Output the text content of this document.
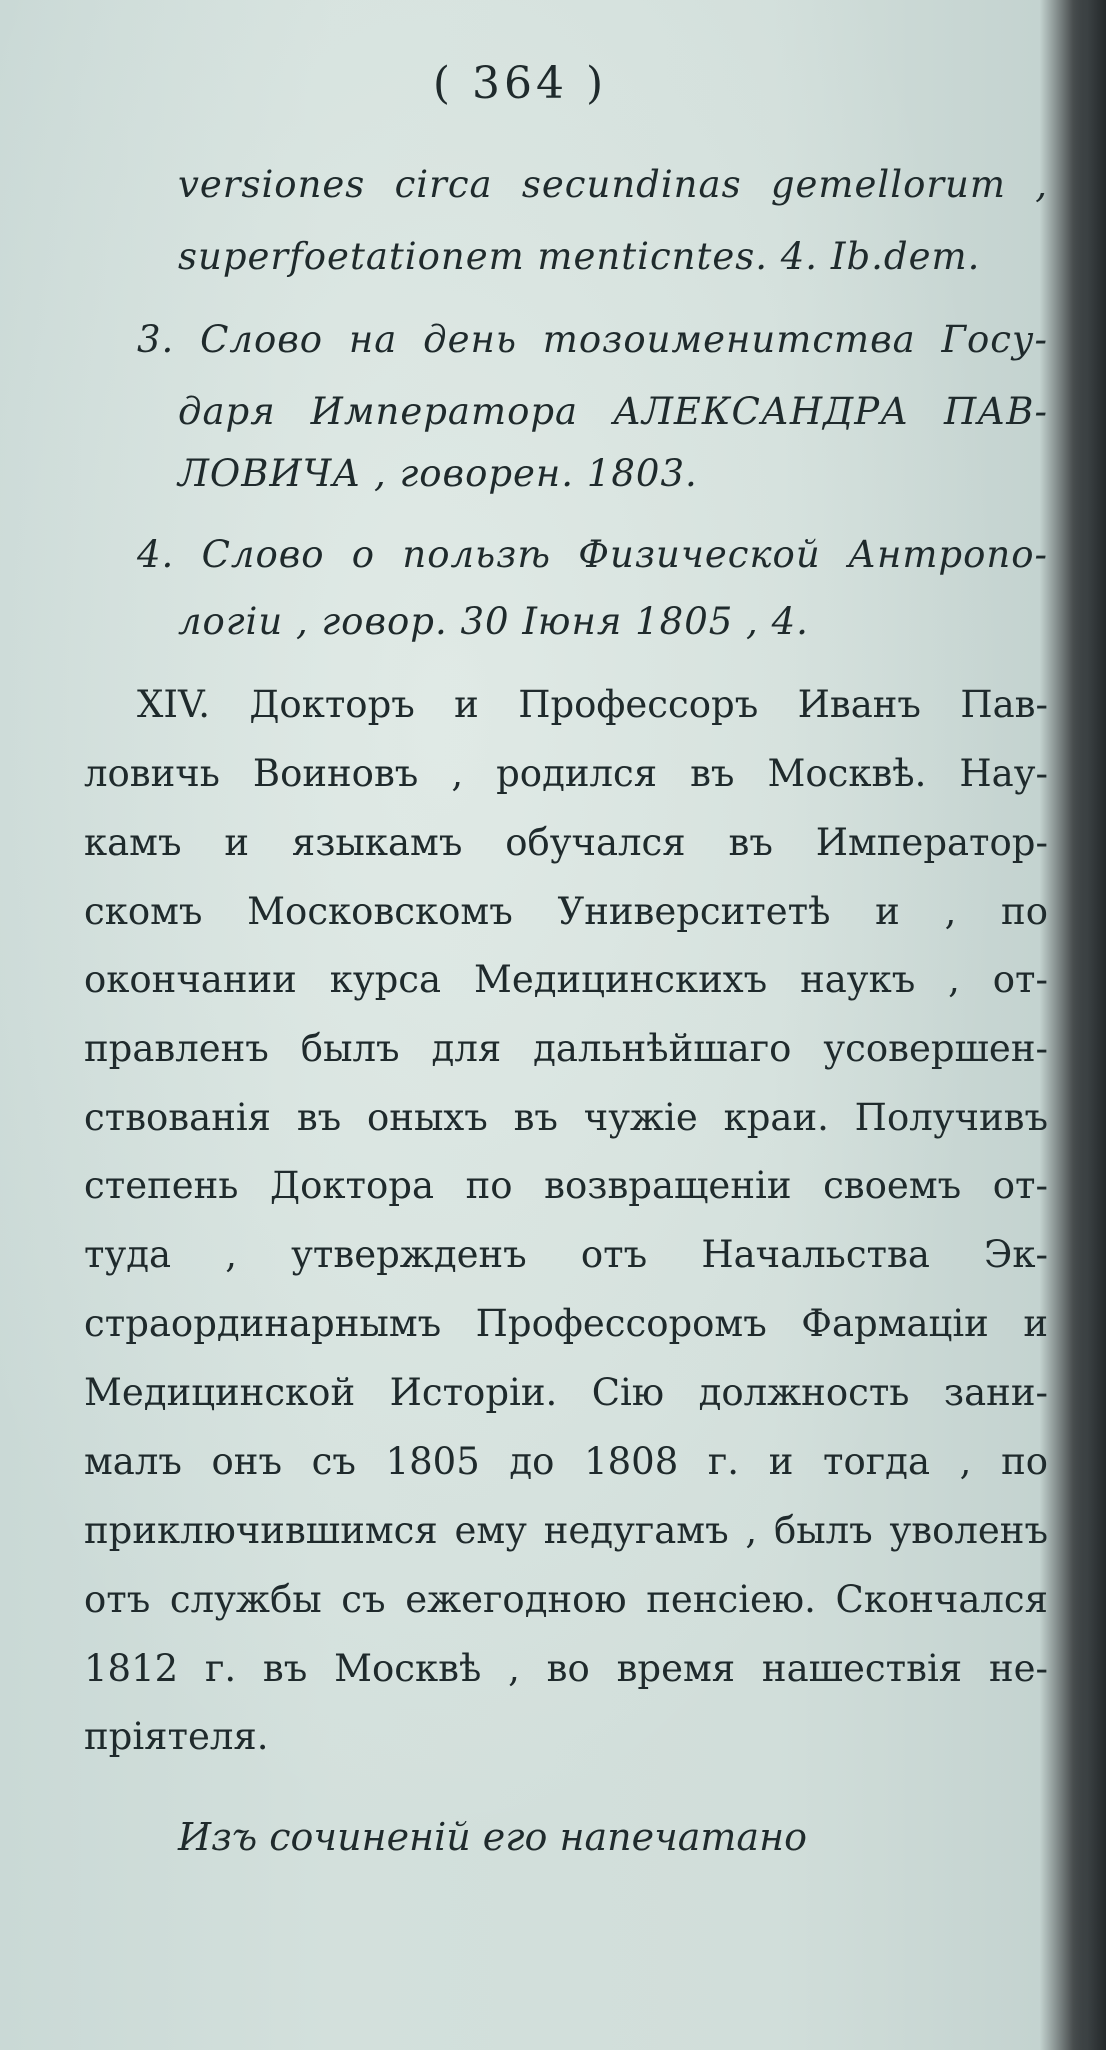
( 364 )
versiones circa secundinas gemellorum ,
superfoetationem menticntes. 4. Ib.dem.
3. Слово на день тозоименитства Госу-
даря Императора АЛЕКСАНДРА ПАВ-
ЛОВИЧА , говорен. 1803.
4. Слово о пользѣ Физической Антропо-
логіи , говор. 30 Іюня 1805 , 4.
XIV. Докторъ и Профессоръ Иванъ Пав-
ловичь Воиновъ , родился въ Москвѣ. Нау-
камъ и языкамъ обучался въ Император-
скомъ Московскомъ Университетѣ и , по
окончании курса Медицинскихъ наукъ , от-
правленъ былъ для дальнѣйшаго усовершен-
ствованія въ оныхъ въ чужіе краи. Получивъ
степень Доктора по возвращеніи своемъ от-
туда , утвержденъ отъ Начальства Эк-
страординарнымъ Профессоромъ Фармаціи и
Медицинской Исторіи. Сію должность зани-
малъ онъ съ 1805 до 1808 г. и тогда , по
приключившимся ему недугамъ , былъ уволенъ
отъ службы съ ежегодною пенсіею. Скончался
1812 г. въ Москвѣ , во время нашествія не-
пріятеля.
Изъ сочиненій его напечатано
